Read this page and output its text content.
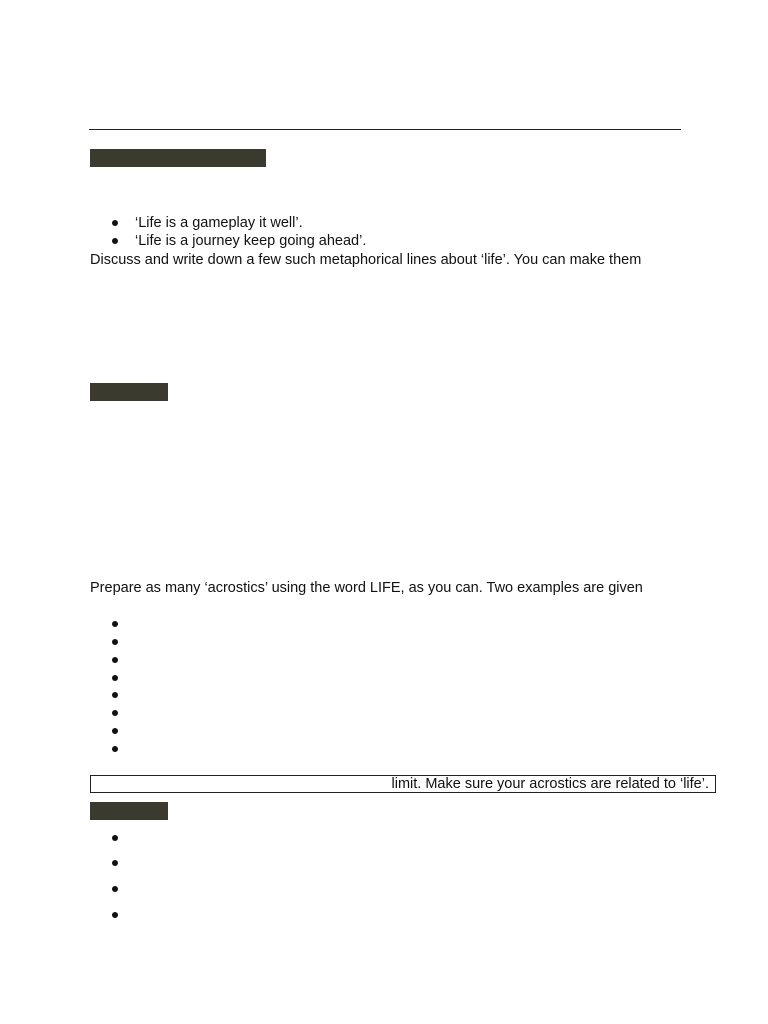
‘Life is a gameplay it well’.
‘Life is a journey keep going ahead’.
Discuss and write down a few such metaphorical lines about ‘life’. You can make them
Prepare as many ‘acrostics’ using the word LIFE, as you can. Two examples are given
limit. Make sure your acrostics are related to ‘life’.
